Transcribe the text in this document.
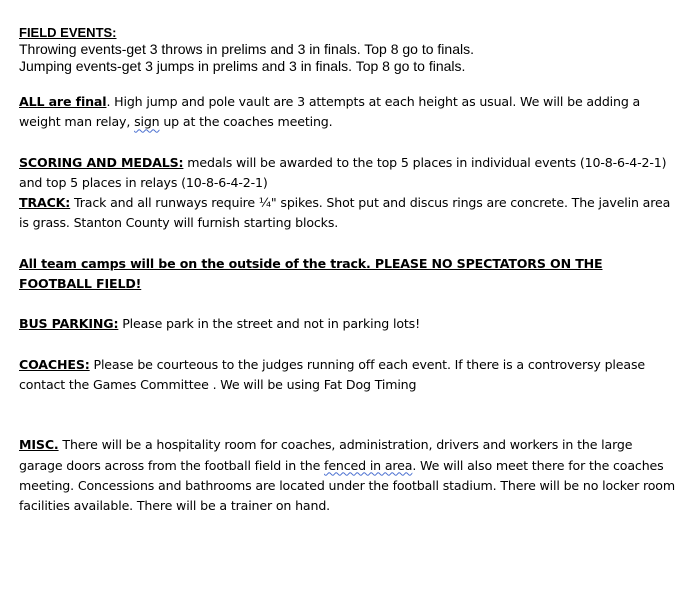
FIELD EVENTS:
Throwing events-get 3 throws in prelims and 3 in finals. Top 8 go to finals.
Jumping events-get 3 jumps in prelims and 3 in finals. Top 8 go to finals.
ALL are final. High jump and pole vault are 3 attempts at each height as usual. We will be adding a weight man relay, sign up at the coaches meeting.
SCORING AND MEDALS: medals will be awarded to the top 5 places in individual events (10-8-6-4-2-1) and top 5 places in relays (10-8-6-4-2-1)
TRACK: Track and all runways require ¼" spikes. Shot put and discus rings are concrete. The javelin area is grass. Stanton County will furnish starting blocks.
All team camps will be on the outside of the track. PLEASE NO SPECTATORS ON THE FOOTBALL FIELD!
BUS PARKING: Please park in the street and not in parking lots!
COACHES: Please be courteous to the judges running off each event. If there is a controversy please contact the Games Committee . We will be using Fat Dog Timing
MISC. There will be a hospitality room for coaches, administration, drivers and workers in the large garage doors across from the football field in the fenced in area. We will also meet there for the coaches meeting. Concessions and bathrooms are located under the football stadium. There will be no locker room facilities available. There will be a trainer on hand.
